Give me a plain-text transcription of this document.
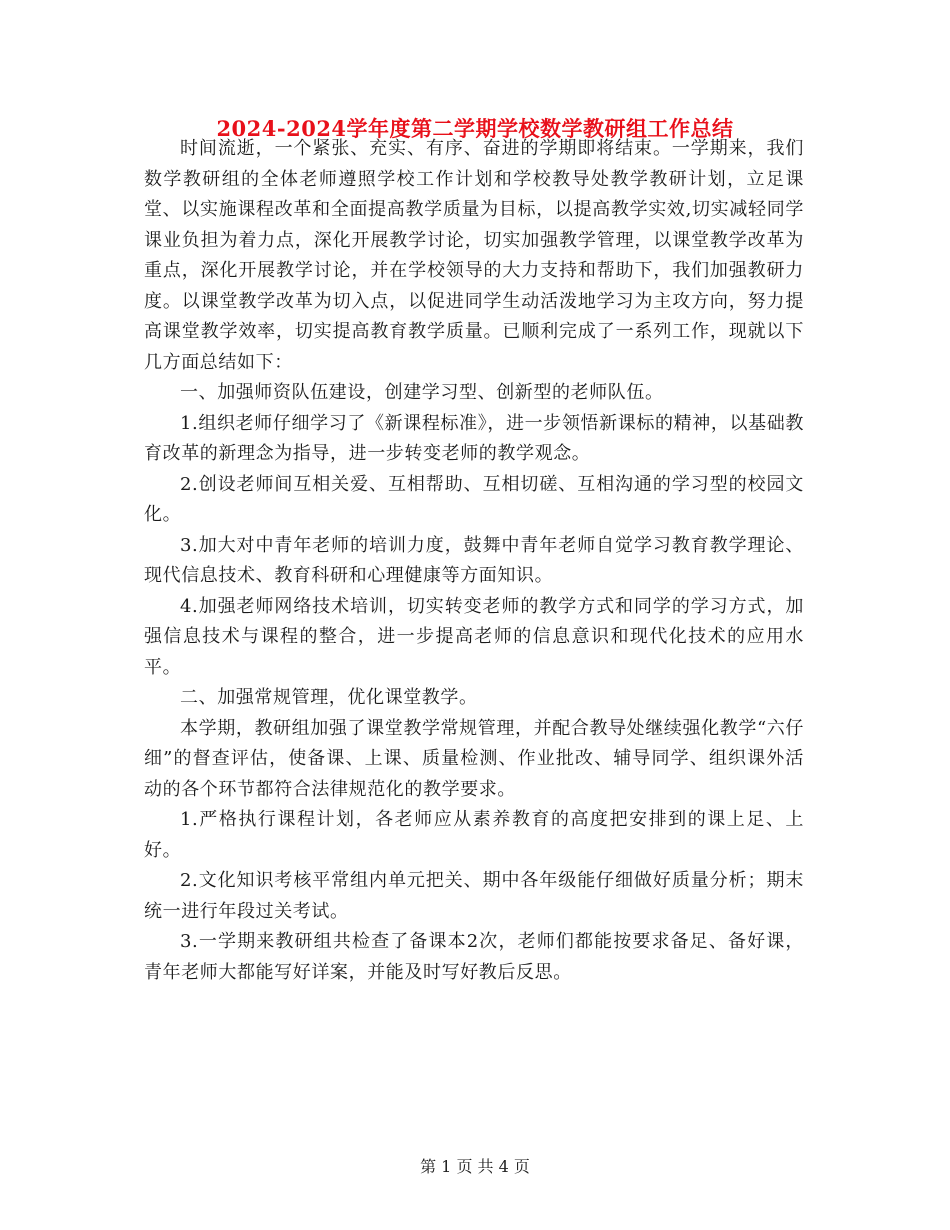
2024-2024学年度第二学期学校数学教研组工作总结

时间流逝，一个紧张、充实、有序、奋进的学期即将结束。一学期来，我们数学教研组的全体老师遵照学校工作计划和学校教导处教学教研计划，立足课堂、以实施课程改革和全面提高教学质量为目标，以提高教学实效,切实减轻同学课业负担为着力点，深化开展教学讨论，切实加强教学管理，以课堂教学改革为重点，深化开展教学讨论，并在学校领导的大力支持和帮助下，我们加强教研力度。以课堂教学改革为切入点，以促进同学生动活泼地学习为主攻方向，努力提高课堂教学效率，切实提高教育教学质量。已顺利完成了一系列工作，现就以下几方面总结如下：

一、加强师资队伍建设，创建学习型、创新型的老师队伍。

1.组织老师仔细学习了《新课程标准》，进一步领悟新课标的精神，以基础教育改革的新理念为指导，进一步转变老师的教学观念。

2.创设老师间互相关爱、互相帮助、互相切磋、互相沟通的学习型的校园文化。

3.加大对中青年老师的培训力度，鼓舞中青年老师自觉学习教育教学理论、现代信息技术、教育科研和心理健康等方面知识。

4.加强老师网络技术培训，切实转变老师的教学方式和同学的学习方式，加强信息技术与课程的整合，进一步提高老师的信息意识和现代化技术的应用水平。

二、加强常规管理，优化课堂教学。

本学期，教研组加强了课堂教学常规管理，并配合教导处继续强化教学“六仔细”的督查评估，使备课、上课、质量检测、作业批改、辅导同学、组织课外活动的各个环节都符合法律规范化的教学要求。

1.严格执行课程计划，各老师应从素养教育的高度把安排到的课上足、上好。

2.文化知识考核平常组内单元把关、期中各年级能仔细做好质量分析；期末统一进行年段过关考试。

3.一学期来教研组共检查了备课本2次，老师们都能按要求备足、备好课，青年老师大都能写好详案，并能及时写好教后反思。

第 1 页 共 4 页
